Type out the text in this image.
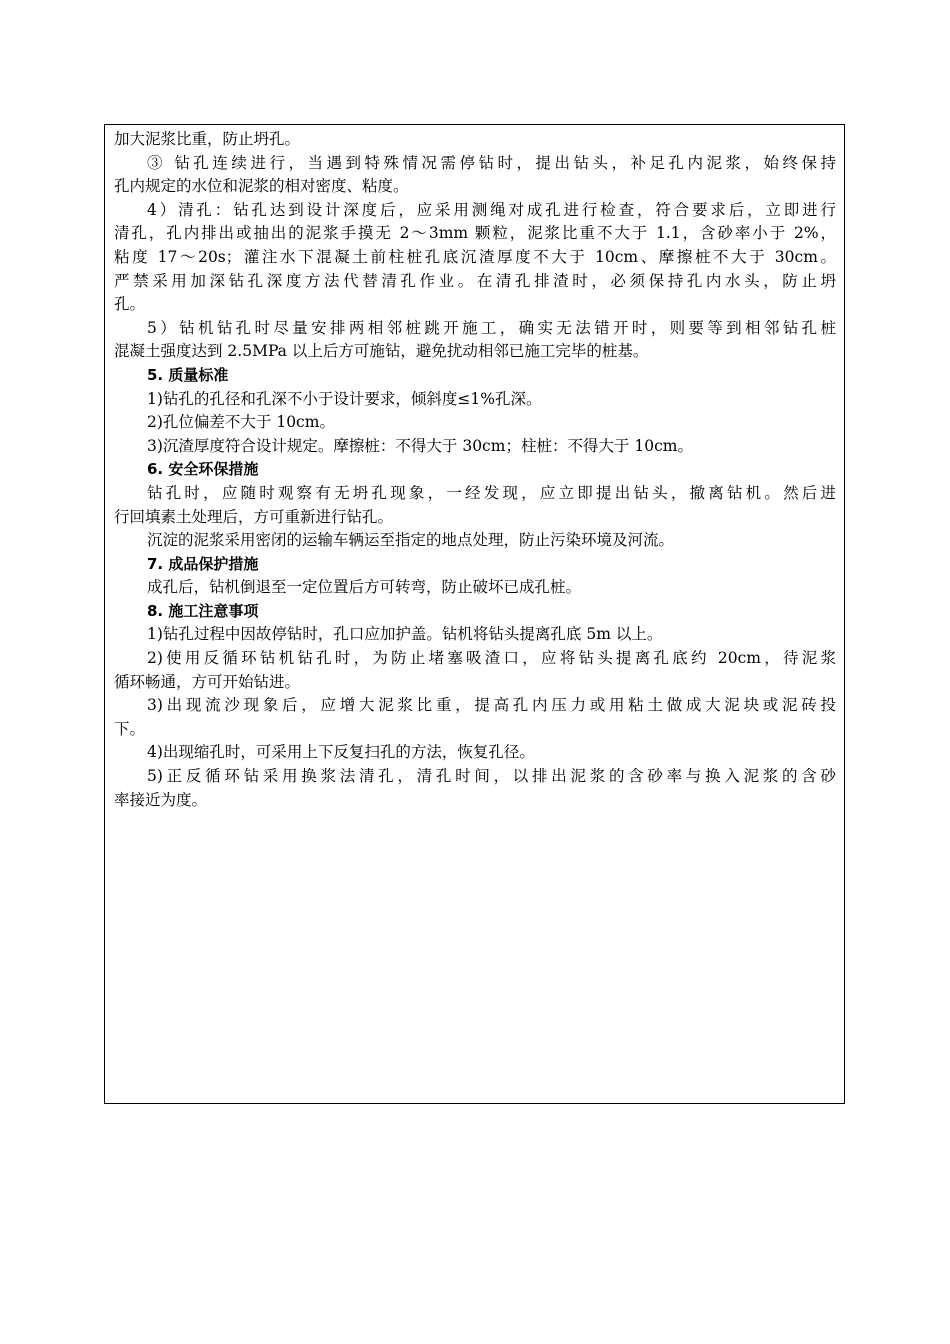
加大泥浆比重，防止坍孔。
③ 钻孔连续进行，当遇到特殊情况需停钻时，提出钻头，补足孔内泥浆，始终保持
孔内规定的水位和泥浆的相对密度、粘度。
4）清孔：钻孔达到设计深度后，应采用测绳对成孔进行检查，符合要求后，立即进行
清孔，孔内排出或抽出的泥浆手摸无 2～3mm 颗粒，泥浆比重不大于 1.1，含砂率小于 2%，
粘度 17～20s；灌注水下混凝土前柱桩孔底沉渣厚度不大于 10cm、摩擦桩不大于 30cm。
严禁采用加深钻孔深度方法代替清孔作业。在清孔排渣时，必须保持孔内水头，防止坍
孔。
5）钻机钻孔时尽量安排两相邻桩跳开施工，确实无法错开时，则要等到相邻钻孔桩
混凝土强度达到 2.5MPa 以上后方可施钻，避免扰动相邻已施工完毕的桩基。
5. 质量标准
1)钻孔的孔径和孔深不小于设计要求，倾斜度≤1%孔深。
2)孔位偏差不大于 10cm。
3)沉渣厚度符合设计规定。摩擦桩：不得大于 30cm；柱桩：不得大于 10cm。
6. 安全环保措施
钻孔时，应随时观察有无坍孔现象，一经发现，应立即提出钻头，撤离钻机。然后进
行回填素土处理后，方可重新进行钻孔。
沉淀的泥浆采用密闭的运输车辆运至指定的地点处理，防止污染环境及河流。
7. 成品保护措施
成孔后，钻机倒退至一定位置后方可转弯，防止破坏已成孔桩。
8. 施工注意事项
1)钻孔过程中因故停钻时，孔口应加护盖。钻机将钻头提离孔底 5m 以上。
2)使用反循环钻机钻孔时，为防止堵塞吸渣口，应将钻头提离孔底约 20cm，待泥浆
循环畅通，方可开始钻进。
3)出现流沙现象后，应增大泥浆比重，提高孔内压力或用粘土做成大泥块或泥砖投
下。
4)出现缩孔时，可采用上下反复扫孔的方法，恢复孔径。
5)正反循环钻采用换浆法清孔，清孔时间，以排出泥浆的含砂率与换入泥浆的含砂
率接近为度。
